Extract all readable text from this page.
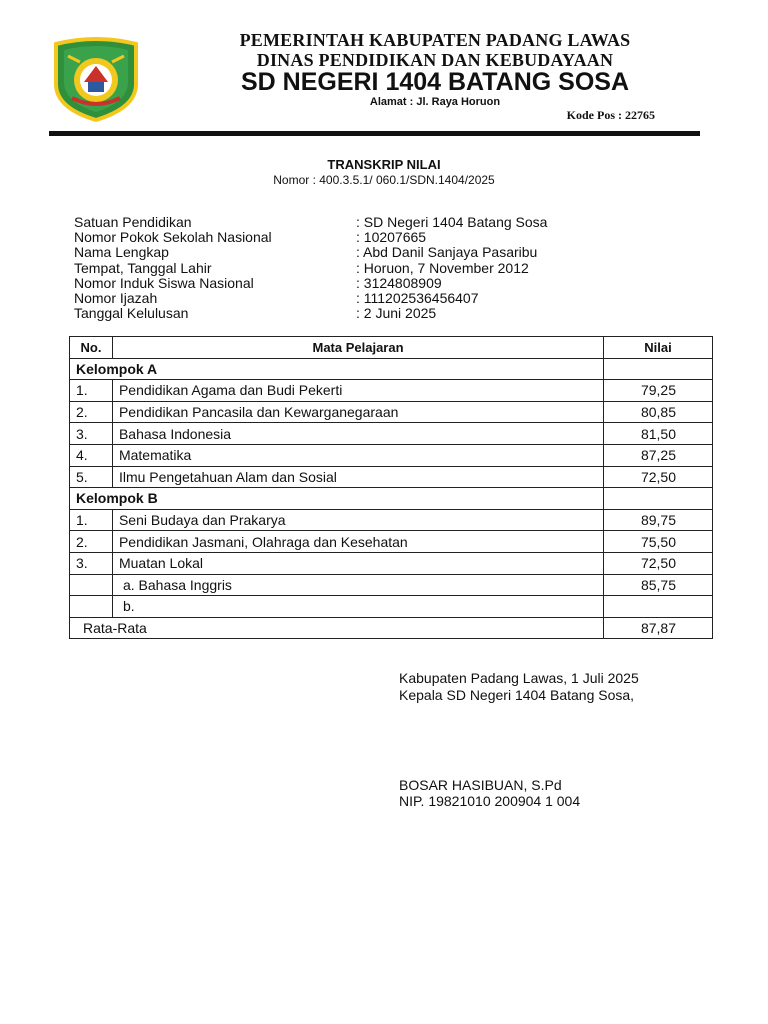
PEMERINTAH KABUPATEN PADANG LAWAS
DINAS PENDIDIKAN DAN KEBUDAYAAN
SD NEGERI 1404 BATANG SOSA
Alamat : Jl. Raya Horuon
Kode Pos : 22765
TRANSKRIP NILAI
Nomor : 400.3.5.1/ 060.1/SDN.1404/2025
Satuan Pendidikan	: SD Negeri 1404 Batang Sosa
Nomor Pokok Sekolah Nasional	: 10207665
Nama Lengkap	: Abd Danil Sanjaya Pasaribu
Tempat, Tanggal Lahir	: Horuon, 7 November 2012
Nomor Induk Siswa Nasional	: 3124808909
Nomor Ijazah	: 111202536456407
Tanggal Kelulusan	: 2 Juni 2025
No.	Mata Pelajaran	Nilai
Kelompok A		
1.	Pendidikan Agama dan Budi Pekerti	79,25
2.	Pendidikan Pancasila dan Kewarganegaraan	80,85
3.	Bahasa Indonesia	81,50
4.	Matematika	87,25
5.	Ilmu Pengetahuan Alam dan Sosial	72,50
Kelompok B		
1.	Seni Budaya dan Prakarya	89,75
2.	Pendidikan Jasmani, Olahraga dan Kesehatan	75,50
3.	Muatan Lokal	72,50
	a. Bahasa Inggris	85,75
	b.	
Rata-Rata		87,87
Kabupaten Padang Lawas, 1 Juli 2025
Kepala SD Negeri 1404 Batang Sosa,
BOSAR HASIBUAN, S.Pd
NIP. 19821010 200904 1 004
